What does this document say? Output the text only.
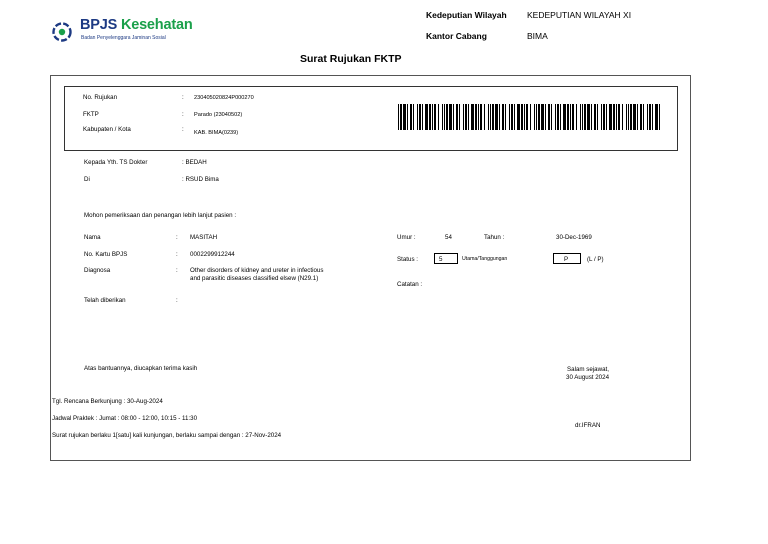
BPJS Kesehatan
Badan Penyelenggara Jaminan Sosial
Kedeputian Wilayah KEDEPUTIAN WILAYAH XI
Kantor Cabang	BIMA
Surat Rujukan FKTP
No. Rujukan	: 230405020824P000270
FKTP	: Parado (23040502)
Kabupaten / Kota	: KAB. BIMA(0239)
Kepada Yth. TS Dokter	: BEDAH
Di	: RSUD Bima
Mohon pemeriksaan dan penangan lebih lanjut pasien :
Nama	: MASITAH
No. Kartu BPJS	: 0002299912244
Diagnosa	: Other disorders of kidney and ureter in infectious
and parasitic diseases classified elsew (N29.1)
Telah diberikan	:
Umur :	54	Tahun :	30-Dec-1969
Status :	5	Utama/Tanggungan	P	(L / P)
Catatan :
Atas bantuannya, diucapkan terima kasih	Salam sejawat,
30 August 2024
Tgl. Rencana Berkunjung : 30-Aug-2024
Jadwal Praktek : Jumat : 08:00 - 12:00, 10:15 - 11:30
dr.IFRAN
Surat rujukan berlaku 1[satu] kali kunjungan, berlaku sampai dengan : 27-Nov-2024
